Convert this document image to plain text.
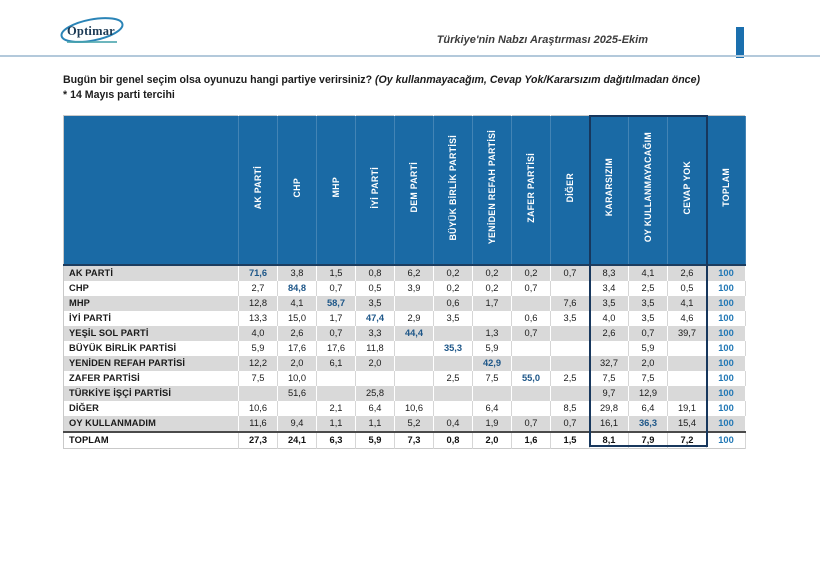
Optimar
Türkiye'nin Nabzı Araştırması 2025-Ekim
Bugün bir genel seçim olsa oyunuzu hangi partiye verirsiniz? (Oy kullanmayacağım, Cevap Yok/Kararsızım dağıtılmadan önce)
* 14 Mayıs parti tercihi
	AK PARTİ	CHP	MHP	İYİ PARTİ	DEM PARTİ	BÜYÜK BİRLİK PARTİSİ	YENİDEN REFAH PARTİSİ	ZAFER PARTİSİ	DİĞER	KARARSIZIM	OY KULLANMAYACAĞIM	CEVAP YOK	TOPLAM
AK PARTİ	71,6	3,8	1,5	0,8	6,2	0,2	0,2	0,2	0,7	8,3	4,1	2,6	100
CHP	2,7	84,8	0,7	0,5	3,9	0,2	0,2	0,7		3,4	2,5	0,5	100
MHP	12,8	4,1	58,7	3,5		0,6	1,7		7,6	3,5	3,5	4,1	100
İYİ PARTİ	13,3	15,0	1,7	47,4	2,9	3,5		0,6	3,5	4,0	3,5	4,6	100
YEŞİL SOL PARTİ	4,0	2,6	0,7	3,3	44,4		1,3	0,7		2,6	0,7	39,7	100
BÜYÜK BİRLİK PARTİSİ	5,9	17,6	17,6	11,8		35,3	5,9				5,9		100
YENİDEN REFAH PARTİSİ	12,2	2,0	6,1	2,0			42,9			32,7	2,0		100
ZAFER PARTİSİ	7,5	10,0				2,5	7,5	55,0	2,5	7,5	7,5		100
TÜRKİYE İŞÇİ PARTİSİ		51,6		25,8						9,7	12,9		100
DİĞER	10,6		2,1	6,4	10,6		6,4		8,5	29,8	6,4	19,1	100
OY KULLANMADIM	11,6	9,4	1,1	1,1	5,2	0,4	1,9	0,7	0,7	16,1	36,3	15,4	100
TOPLAM	27,3	24,1	6,3	5,9	7,3	0,8	2,0	1,6	1,5	8,1	7,9	7,2	100
